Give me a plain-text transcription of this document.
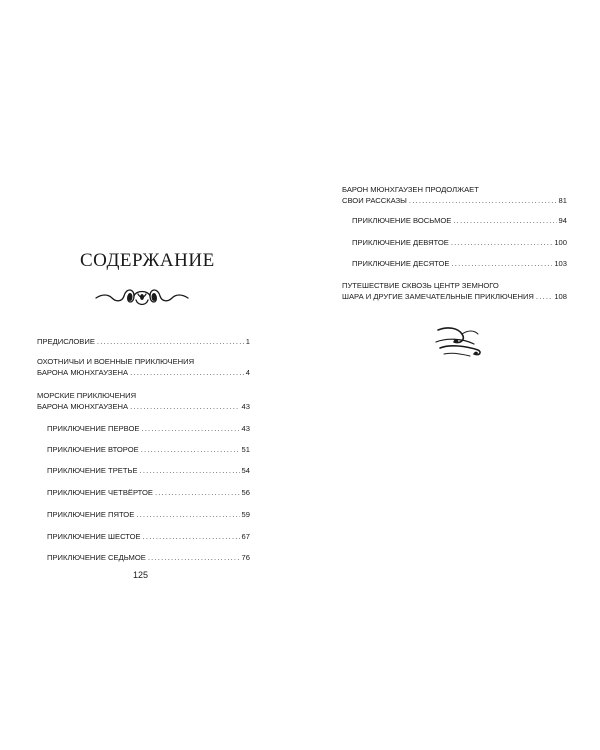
СОДЕРЖАНИЕ
ПРЕДИСЛОВИЕ .....	1
ОХОТНИЧЬИ И ВОЕННЫЕ ПРИКЛЮЧЕНИЯ
БАРОНА МЮНХГАУЗЕНА .....	4
МОРСКИЕ ПРИКЛЮЧЕНИЯ
БАРОНА МЮНХГАУЗЕНА .....	43
ПРИКЛЮЧЕНИЕ ПЕРВОЕ .....	43
ПРИКЛЮЧЕНИЕ ВТОРОЕ .....	51
ПРИКЛЮЧЕНИЕ ТРЕТЬЕ .....	54
ПРИКЛЮЧЕНИЕ ЧЕТВЁРТОЕ .....	56
ПРИКЛЮЧЕНИЕ ПЯТОЕ .....	59
ПРИКЛЮЧЕНИЕ ШЕСТОЕ .....	67
ПРИКЛЮЧЕНИЕ СЕДЬМОЕ .....	76

125

БАРОН МЮНХГАУЗЕН ПРОДОЛЖАЕТ
СВОИ РАССКАЗЫ .....	81
ПРИКЛЮЧЕНИЕ ВОСЬМОЕ .....	94
ПРИКЛЮЧЕНИЕ ДЕВЯТОЕ .....	100
ПРИКЛЮЧЕНИЕ ДЕСЯТОЕ .....	103
ПУТЕШЕСТВИЕ СКВОЗЬ ЦЕНТР ЗЕМНОГО
ШАРА И ДРУГИЕ ЗАМЕЧАТЕЛЬНЫЕ ПРИКЛЮЧЕНИЯ .....	108
